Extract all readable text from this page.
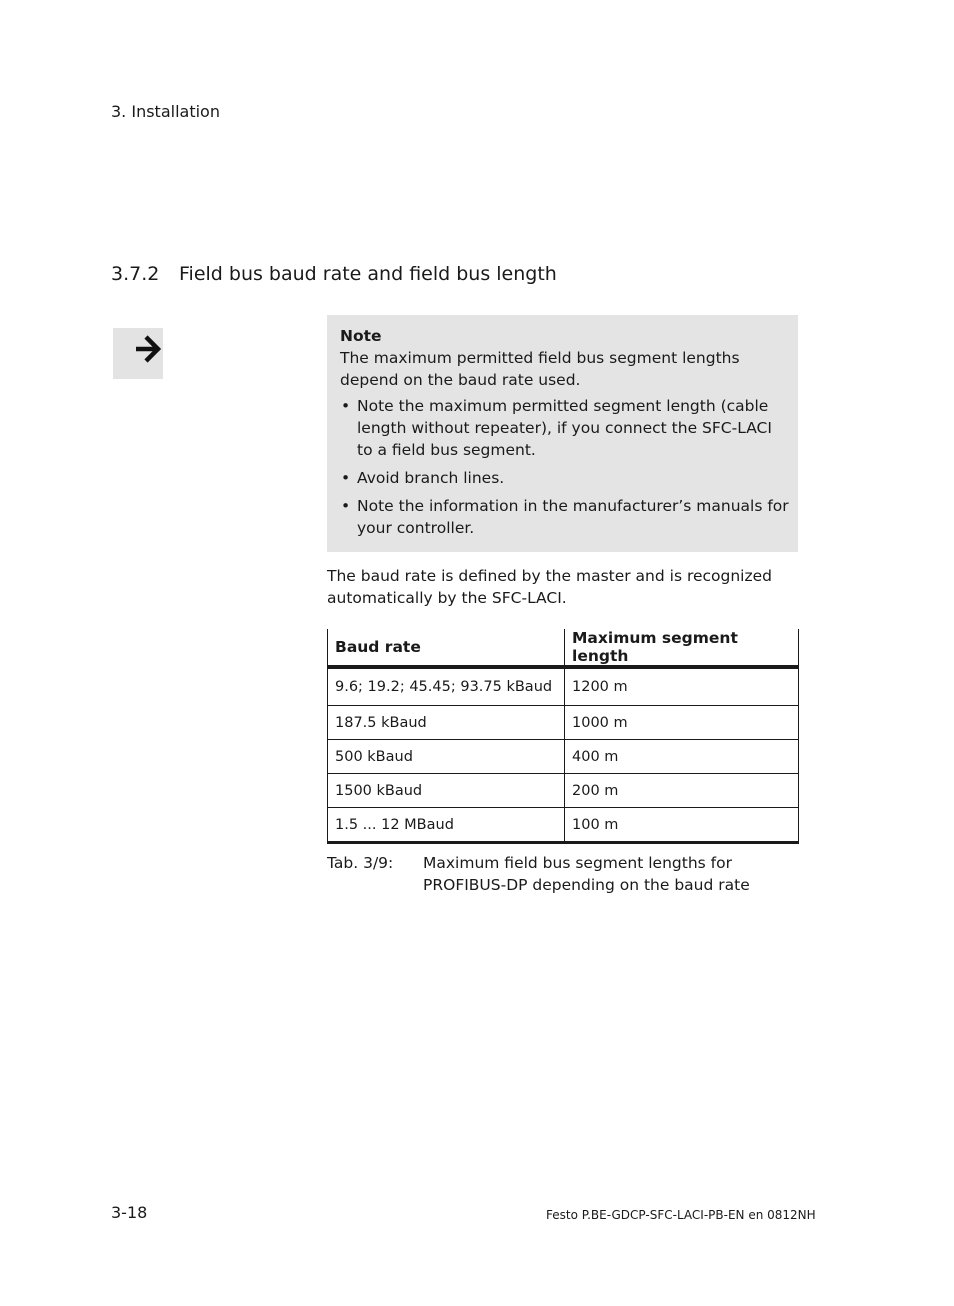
3. Installation
3.7.2 Field bus baud rate and field bus length
Note
The maximum permitted field bus segment lengths depend on the baud rate used.
• Note the maximum permitted segment length (cable length without repeater), if you connect the SFC-LACI to a field bus segment.
• Avoid branch lines.
• Note the information in the manufacturer’s manuals for your controller.
The baud rate is defined by the master and is recognized automatically by the SFC-LACI.
Baud rate	Maximum segment length
9.6; 19.2; 45.45; 93.75 kBaud	1200 m
187.5 kBaud	1000 m
500 kBaud	400 m
1500 kBaud	200 m
1.5 ... 12 MBaud	100 m
Tab. 3/9: Maximum field bus segment lengths for PROFIBUS-DP depending on the baud rate
3-18	Festo P.BE-GDCP-SFC-LACI-PB-EN en 0812NH
